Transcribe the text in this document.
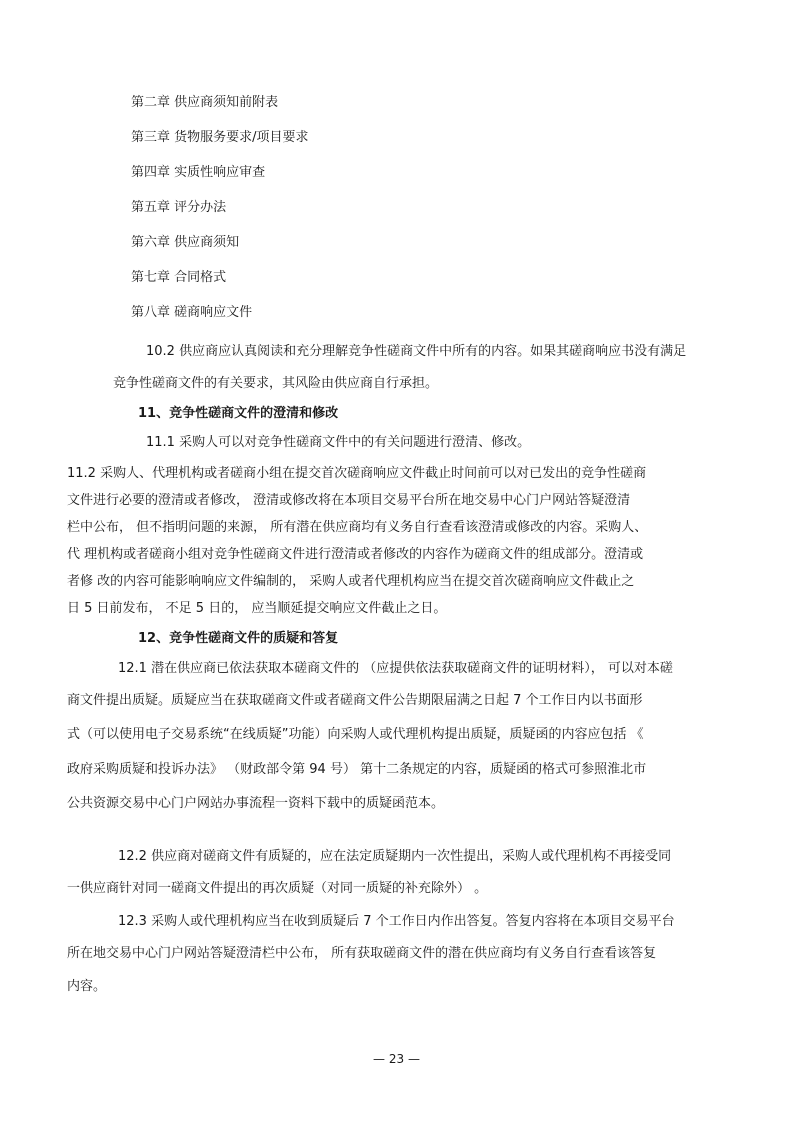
第二章 供应商须知前附表
第三章 货物服务要求/项目要求
第四章 实质性响应审查
第五章 评分办法
第六章 供应商须知
第七章 合同格式
第八章 磋商响应文件
10.2 供应商应认真阅读和充分理解竞争性磋商文件中所有的内容。如果其磋商响应书没有满足
竞争性磋商文件的有关要求，其风险由供应商自行承担。
11、竞争性磋商文件的澄清和修改
11.1 采购人可以对竞争性磋商文件中的有关问题进行澄清、修改。
11.2 采购人、代理机构或者磋商小组在提交首次磋商响应文件截止时间前可以对已发出的竞争性磋商
文件进行必要的澄清或者修改， 澄清或修改将在本项目交易平台所在地交易中心门户网站答疑澄清
栏中公布， 但不指明问题的来源， 所有潜在供应商均有义务自行查看该澄清或修改的内容。采购人、
代 理机构或者磋商小组对竞争性磋商文件进行澄清或者修改的内容作为磋商文件的组成部分。澄清或
者修 改的内容可能影响响应文件编制的， 采购人或者代理机构应当在提交首次磋商响应文件截止之
日 5 日前发布， 不足 5 日的， 应当顺延提交响应文件截止之日。
12、竞争性磋商文件的质疑和答复
12.1 潜在供应商已依法获取本磋商文件的 （应提供依法获取磋商文件的证明材料）， 可以对本磋
商文件提出质疑。质疑应当在获取磋商文件或者磋商文件公告期限届满之日起 7 个工作日内以书面形
式（可以使用电子交易系统“在线质疑”功能）向采购人或代理机构提出质疑，质疑函的内容应包括 《
政府采购质疑和投诉办法》 （财政部令第 94 号） 第十二条规定的内容，质疑函的格式可参照淮北市
公共资源交易中心门户网站办事流程一资料下载中的质疑函范本。
12.2 供应商对磋商文件有质疑的，应在法定质疑期内一次性提出，采购人或代理机构不再接受同
一供应商针对同一磋商文件提出的再次质疑（对同一质疑的补充除外） 。
12.3 采购人或代理机构应当在收到质疑后 7 个工作日内作出答复。答复内容将在本项目交易平台
所在地交易中心门户网站答疑澄清栏中公布， 所有获取磋商文件的潜在供应商均有义务自行查看该答复
内容。
— 23 —
